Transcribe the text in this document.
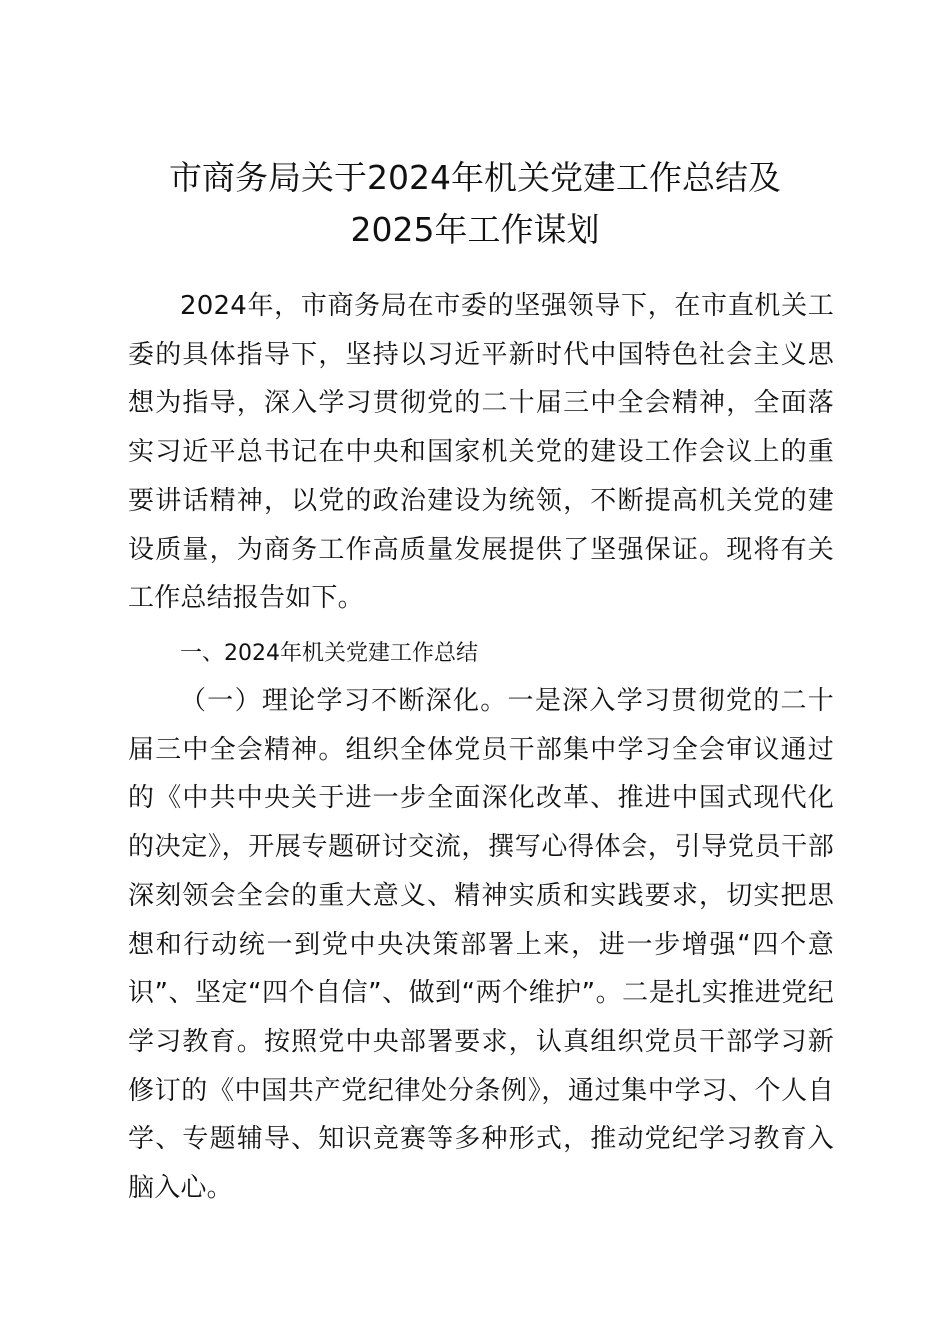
市商务局关于2024年机关党建工作总结及
2025年工作谋划

2024年，市商务局在市委的坚强领导下，在市直机关工委的具体指导下，坚持以习近平新时代中国特色社会主义思想为指导，深入学习贯彻党的二十届三中全会精神，全面落实习近平总书记在中央和国家机关党的建设工作会议上的重要讲话精神，以党的政治建设为统领，不断提高机关党的建设质量，为商务工作高质量发展提供了坚强保证。现将有关工作总结报告如下。

一、2024年机关党建工作总结

（一）理论学习不断深化。一是深入学习贯彻党的二十届三中全会精神。组织全体党员干部集中学习全会审议通过的《中共中央关于进一步全面深化改革、推进中国式现代化的决定》，开展专题研讨交流，撰写心得体会，引导党员干部深刻领会全会的重大意义、精神实质和实践要求，切实把思想和行动统一到党中央决策部署上来，进一步增强“四个意识”、坚定“四个自信”、做到“两个维护”。二是扎实推进党纪学习教育。按照党中央部署要求，认真组织党员干部学习新修订的《中国共产党纪律处分条例》，通过集中学习、个人自学、专题辅导、知识竞赛等多种形式，推动党纪学习教育入脑入心。
